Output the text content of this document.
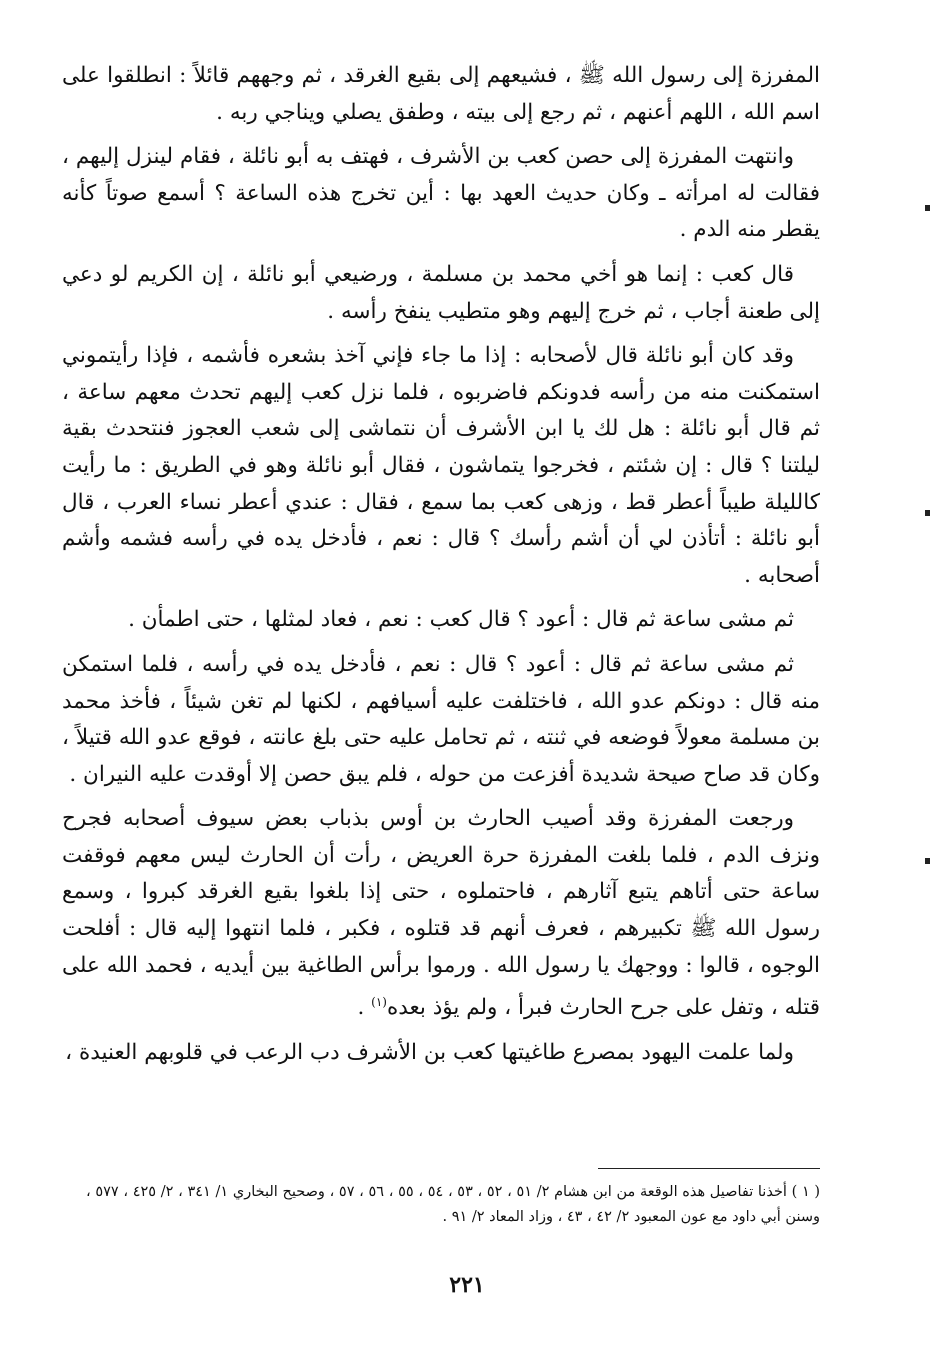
المفرزة إلى رسول الله ﷺ ، فشيعهم إلى بقيع الغرقد ، ثم وجههم قائلاً : انطلقوا على اسم الله ، اللهم أعنهم ، ثم رجع إلى بيته ، وطفق يصلي ويناجي ربه .

وانتهت المفرزة إلى حصن كعب بن الأشرف ، فهتف به أبو نائلة ، فقام لينزل إليهم ، فقالت له امرأته ـ وكان حديث العهد بها : أين تخرج هذه الساعة ؟ أسمع صوتاً كأنه يقطر منه الدم .

قال كعب : إنما هو أخي محمد بن مسلمة ، ورضيعي أبو نائلة ، إن الكريم لو دعي إلى طعنة أجاب ، ثم خرج إليهم وهو متطيب ينفخ رأسه .

وقد كان أبو نائلة قال لأصحابه : إذا ما جاء فإني آخذ بشعره فأشمه ، فإذا رأيتموني استمكنت منه من رأسه فدونكم فاضربوه ، فلما نزل كعب إليهم تحدث معهم ساعة ، ثم قال أبو نائلة : هل لك يا ابن الأشرف أن نتماشى إلى شعب العجوز فنتحدث بقية ليلتنا ؟ قال : إن شئتم ، فخرجوا يتماشون ، فقال أبو نائلة وهو في الطريق : ما رأيت كالليلة طيباً أعطر قط ، وزهى كعب بما سمع ، فقال : عندي أعطر نساء العرب ، قال أبو نائلة : أتأذن لي أن أشم رأسك ؟ قال : نعم ، فأدخل يده في رأسه فشمه وأشم أصحابه .

ثم مشى ساعة ثم قال : أعود ؟ قال كعب : نعم ، فعاد لمثلها ، حتى اطمأن .

ثم مشى ساعة ثم قال : أعود ؟ قال : نعم ، فأدخل يده في رأسه ، فلما استمكن منه قال : دونكم عدو الله ، فاختلفت عليه أسيافهم ، لكنها لم تغن شيئاً ، فأخذ محمد بن مسلمة معولاً فوضعه في ثنته ، ثم تحامل عليه حتى بلغ عانته ، فوقع عدو الله قتيلاً ، وكان قد صاح صيحة شديدة أفزعت من حوله ، فلم يبق حصن إلا أوقدت عليه النيران .

ورجعت المفرزة وقد أصيب الحارث بن أوس بذباب بعض سيوف أصحابه فجرح ونزف الدم ، فلما بلغت المفرزة حرة العريض ، رأت أن الحارث ليس معهم فوقفت ساعة حتى أتاهم يتبع آثارهم ، فاحتملوه ، حتى إذا بلغوا بقيع الغرقد كبروا ، وسمع رسول الله ﷺ تكبيرهم ، فعرف أنهم قد قتلوه ، فكبر ، فلما انتهوا إليه قال : أفلحت الوجوه ، قالوا : ووجهك يا رسول الله . ورموا برأس الطاغية بين أيديه ، فحمد الله على قتله ، وتفل على جرح الحارث فبرأ ، ولم يؤذ بعده$^{(١)}$ .

ولما علمت اليهود بمصرع طاغيتها كعب بن الأشرف دب الرعب في قلوبهم العنيدة ،

( ١ ) أخذنا تفاصيل هذه الوقعة من ابن هشام ٢/ ٥١ ، ٥٢ ، ٥٣ ، ٥٤ ، ٥٥ ، ٥٦ ، ٥٧ ، وصحيح البخاري ١/ ٣٤١ ، ٢/ ٤٢٥ ، ٥٧٧ ، وسنن أبي داود مع عون المعبود ٢/ ٤٢ ، ٤٣ ، وزاد المعاد ٢/ ٩١ .
٢٢١
